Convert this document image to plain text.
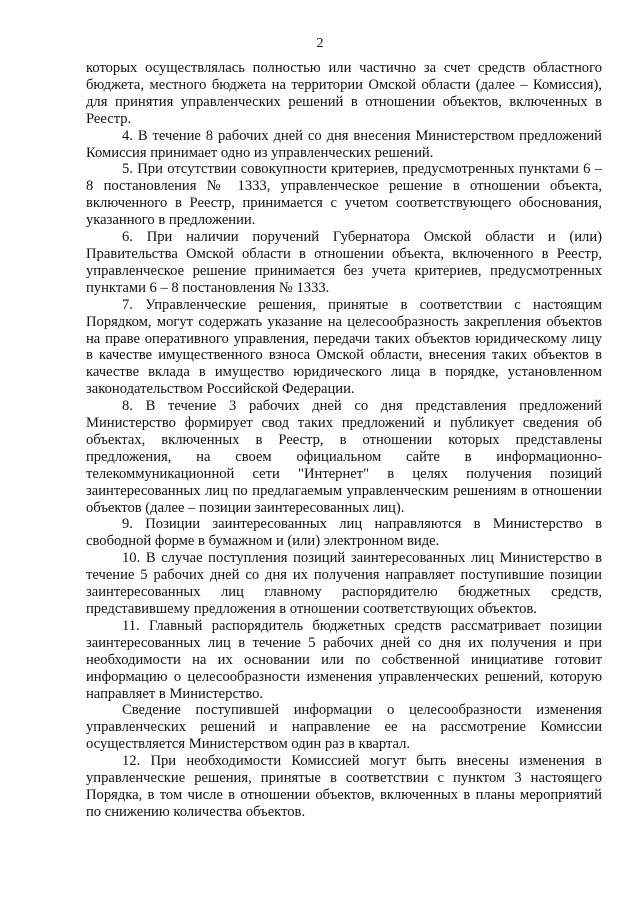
2

которых осуществлялась полностью или частично за счет средств областного бюджета, местного бюджета на территории Омской области (далее – Комиссия), для принятия управленческих решений в отношении объектов, включенных в Реестр.

4. В течение 8 рабочих дней со дня внесения Министерством предложений Комиссия принимает одно из управленческих решений.

5. При отсутствии совокупности критериев, предусмотренных пунктами 6 – 8 постановления № 1333, управленческое решение в отношении объекта, включенного в Реестр, принимается с учетом соответствующего обоснования, указанного в предложении.

6. При наличии поручений Губернатора Омской области и (или) Правительства Омской области в отношении объекта, включенного в Реестр, управленческое решение принимается без учета критериев, предусмотренных пунктами 6 – 8 постановления № 1333.

7. Управленческие решения, принятые в соответствии с настоящим Порядком, могут содержать указание на целесообразность закрепления объектов на праве оперативного управления, передачи таких объектов юридическому лицу в качестве имущественного взноса Омской области, внесения таких объектов в качестве вклада в имущество юридического лица в порядке, установленном законодательством Российской Федерации.

8. В течение 3 рабочих дней со дня представления предложений Министерство формирует свод таких предложений и публикует сведения об объектах, включенных в Реестр, в отношении которых представлены предложения, на своем официальном сайте в информационно-телекоммуникационной сети "Интернет" в целях получения позиций заинтересованных лиц по предлагаемым управленческим решениям в отношении объектов (далее – позиции заинтересованных лиц).

9. Позиции заинтересованных лиц направляются в Министерство в свободной форме в бумажном и (или) электронном виде.

10. В случае поступления позиций заинтересованных лиц Министерство в течение 5 рабочих дней со дня их получения направляет поступившие позиции заинтересованных лиц главному распорядителю бюджетных средств, представившему предложения в отношении соответствующих объектов.

11. Главный распорядитель бюджетных средств рассматривает позиции заинтересованных лиц в течение 5 рабочих дней со дня их получения и при необходимости на их основании или по собственной инициативе готовит информацию о целесообразности изменения управленческих решений, которую направляет в Министерство.

Сведение поступившей информации о целесообразности изменения управленческих решений и направление ее на рассмотрение Комиссии осуществляется Министерством один раз в квартал.

12. При необходимости Комиссией могут быть внесены изменения в управленческие решения, принятые в соответствии с пунктом 3 настоящего Порядка, в том числе в отношении объектов, включенных в планы мероприятий по снижению количества объектов.
